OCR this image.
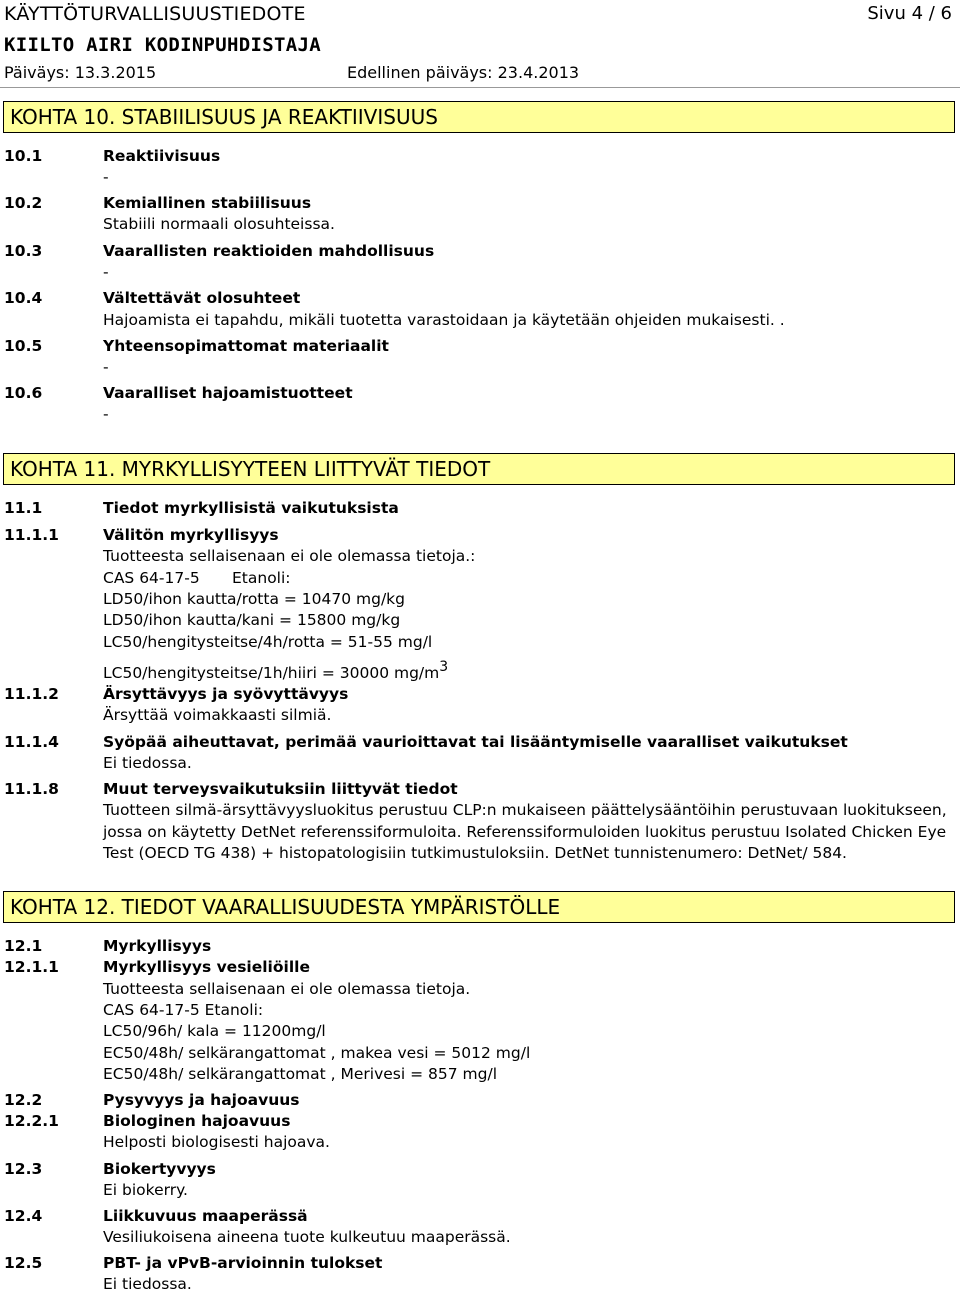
KÄYTTÖTURVALLISUUSTIEDOTE	Sivu 4 / 6
KIILTO AIRI KODINPUHDISTAJA
Päiväys: 13.3.2015	Edellinen päiväys: 23.4.2013
KOHTA 10. STABIILISUUS JA REAKTIIVISUUS
10.1	Reaktiivisuus
-
10.2	Kemiallinen stabiilisuus
Stabiili normaali olosuhteissa.
10.3	Vaarallisten reaktioiden mahdollisuus
-
10.4	Vältettävät olosuhteet
Hajoamista ei tapahdu, mikäli tuotetta varastoidaan ja käytetään ohjeiden mukaisesti. .
10.5	Yhteensopimattomat materiaalit
-
10.6	Vaaralliset hajoamistuotteet
-
KOHTA 11. MYRKYLLISYYTEEN LIITTYVÄT TIEDOT
11.1	Tiedot myrkyllisistä vaikutuksista
11.1.1	Välitön myrkyllisyys
Tuotteesta sellaisenaan ei ole olemassa tietoja.:
CAS 64-17-5 Etanoli:
LD50/ihon kautta/rotta = 10470 mg/kg
LD50/ihon kautta/kani = 15800 mg/kg
LC50/hengitysteitse/4h/rotta = 51-55 mg/l
LC50/hengitysteitse/1h/hiiri = 30000 $mg/m^3$
11.1.2	Ärsyttävyys ja syövyttävyys
Ärsyttää voimakkaasti silmiä.
11.1.4	Syöpää aiheuttavat, perimää vaurioittavat tai lisääntymiselle vaaralliset vaikutukset
Ei tiedossa.
11.1.8	Muut terveysvaikutuksiin liittyvät tiedot
Tuotteen silmä-ärsyttävyysluokitus perustuu CLP:n mukaiseen päättelysääntöihin perustuvaan luokitukseen, jossa on käytetty DetNet referenssiformuloita. Referenssiformuloiden luokitus perustuu Isolated Chicken Eye Test (OECD TG 438) + histopatologisiin tutkimustuloksiin. DetNet tunnistenumero: DetNet/ 584.
KOHTA 12. TIEDOT VAARALLISUUDESTA YMPÄRISTÖLLE
12.1	Myrkyllisyys
12.1.1	Myrkyllisyys vesieliöille
Tuotteesta sellaisenaan ei ole olemassa tietoja.
CAS 64-17-5 Etanoli:
LC50/96h/ kala = 11200mg/l
EC50/48h/ selkärangattomat , makea vesi = 5012 mg/l
EC50/48h/ selkärangattomat , Merivesi = 857 mg/l
12.2	Pysyvyys ja hajoavuus
12.2.1	Biologinen hajoavuus
Helposti biologisesti hajoava.
12.3	Biokertyvyys
Ei biokerry.
12.4	Liikkuvuus maaperässä
Vesiliukoisena aineena tuote kulkeutuu maaperässä.
12.5	PBT- ja vPvB-arvioinnin tulokset
Ei tiedossa.
